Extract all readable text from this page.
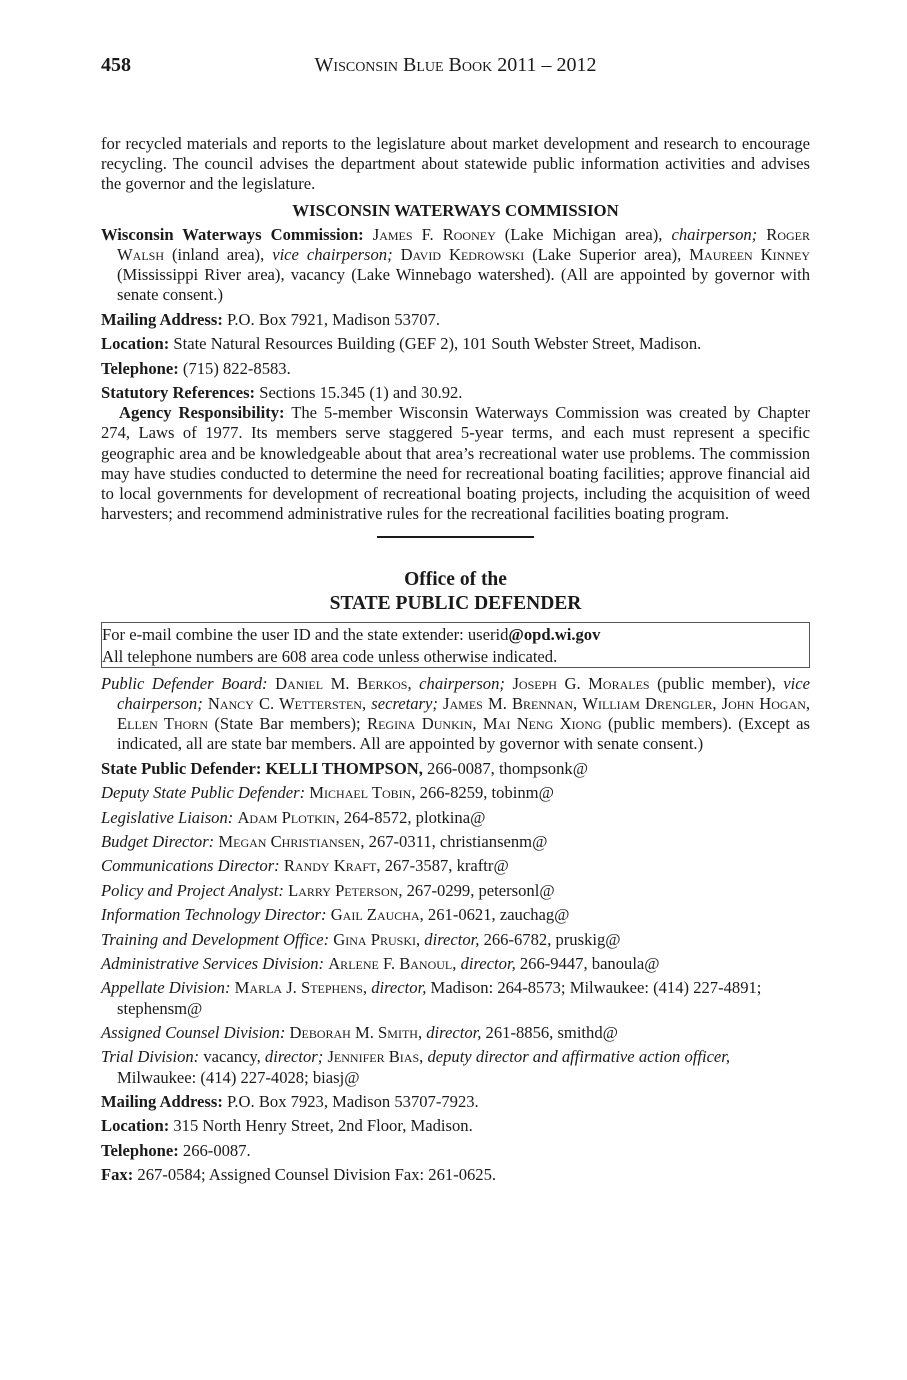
458	Wisconsin Blue Book 2011 – 2012

for recycled materials and reports to the legislature about market development and research to encourage recycling. The council advises the department about statewide public information activities and advises the governor and the legislature.

WISCONSIN WATERWAYS COMMISSION

Wisconsin Waterways Commission: James F. Rooney (Lake Michigan area), chairperson; Roger Walsh (inland area), vice chairperson; David Kedrowski (Lake Superior area), Maureen Kinney (Mississippi River area), vacancy (Lake Winnebago watershed). (All are appointed by governor with senate consent.)

Mailing Address: P.O. Box 7921, Madison 53707.

Location: State Natural Resources Building (GEF 2), 101 South Webster Street, Madison.

Telephone: (715) 822-8583.

Statutory References: Sections 15.345 (1) and 30.92.

Agency Responsibility: The 5-member Wisconsin Waterways Commission was created by Chapter 274, Laws of 1977. Its members serve staggered 5-year terms, and each must represent a specific geographic area and be knowledgeable about that area’s recreational water use problems. The commission may have studies conducted to determine the need for recreational boating facilities; approve financial aid to local governments for development of recreational boating projects, including the acquisition of weed harvesters; and recommend administrative rules for the recreational facilities boating program.

Office of the
STATE PUBLIC DEFENDER

For e-mail combine the user ID and the state extender: userid@opd.wi.gov

All telephone numbers are 608 area code unless otherwise indicated.

Public Defender Board: Daniel M. Berkos, chairperson; Joseph G. Morales (public member), vice chairperson; Nancy C. Wettersten, secretary; James M. Brennan, William Drengler, John Hogan, Ellen Thorn (State Bar members); Regina Dunkin, Mai Neng Xiong (public members). (Except as indicated, all are state bar members. All are appointed by governor with senate consent.)

State Public Defender: KELLI THOMPSON, 266-0087, thompsonk@

Deputy State Public Defender: Michael Tobin, 266-8259, tobinm@

Legislative Liaison: Adam Plotkin, 264-8572, plotkina@

Budget Director: Megan Christiansen, 267-0311, christiansenm@

Communications Director: Randy Kraft, 267-3587, kraftr@

Policy and Project Analyst: Larry Peterson, 267-0299, petersonl@

Information Technology Director: Gail Zaucha, 261-0621, zauchag@

Training and Development Office: Gina Pruski, director, 266-6782, pruskig@

Administrative Services Division: Arlene F. Banoul, director, 266-9447, banoula@

Appellate Division: Marla J. Stephens, director, Madison: 264-8573; Milwaukee: (414) 227-4891; stephensm@

Assigned Counsel Division: Deborah M. Smith, director, 261-8856, smithd@

Trial Division: vacancy, director; Jennifer Bias, deputy director and affirmative action officer, Milwaukee: (414) 227-4028; biasj@

Mailing Address: P.O. Box 7923, Madison 53707-7923.

Location: 315 North Henry Street, 2nd Floor, Madison.

Telephone: 266-0087.

Fax: 267-0584; Assigned Counsel Division Fax: 261-0625.
